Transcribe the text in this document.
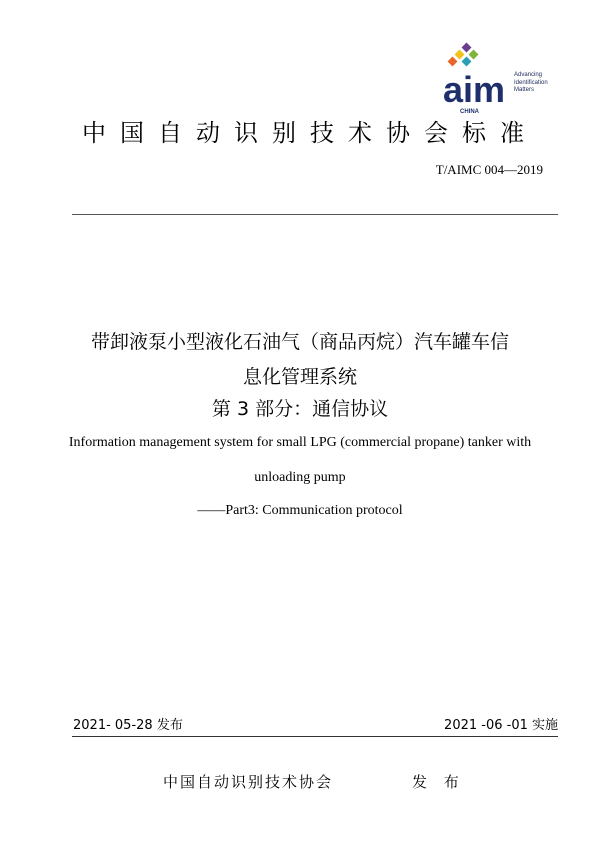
aim
CHINA
Advancing
Identification
Matters
中国自动识别技术协会标准
T/AIMC 004—2019
带卸液泵小型液化石油气（商品丙烷）汽车罐车信
息化管理系统
第 3 部分：通信协议
Information management system for small LPG (commercial propane) tanker with
unloading pump
——Part3: Communication protocol
2021- 05-28 发布	2021 -06 -01 实施
中国自动识别技术协会	发 布
